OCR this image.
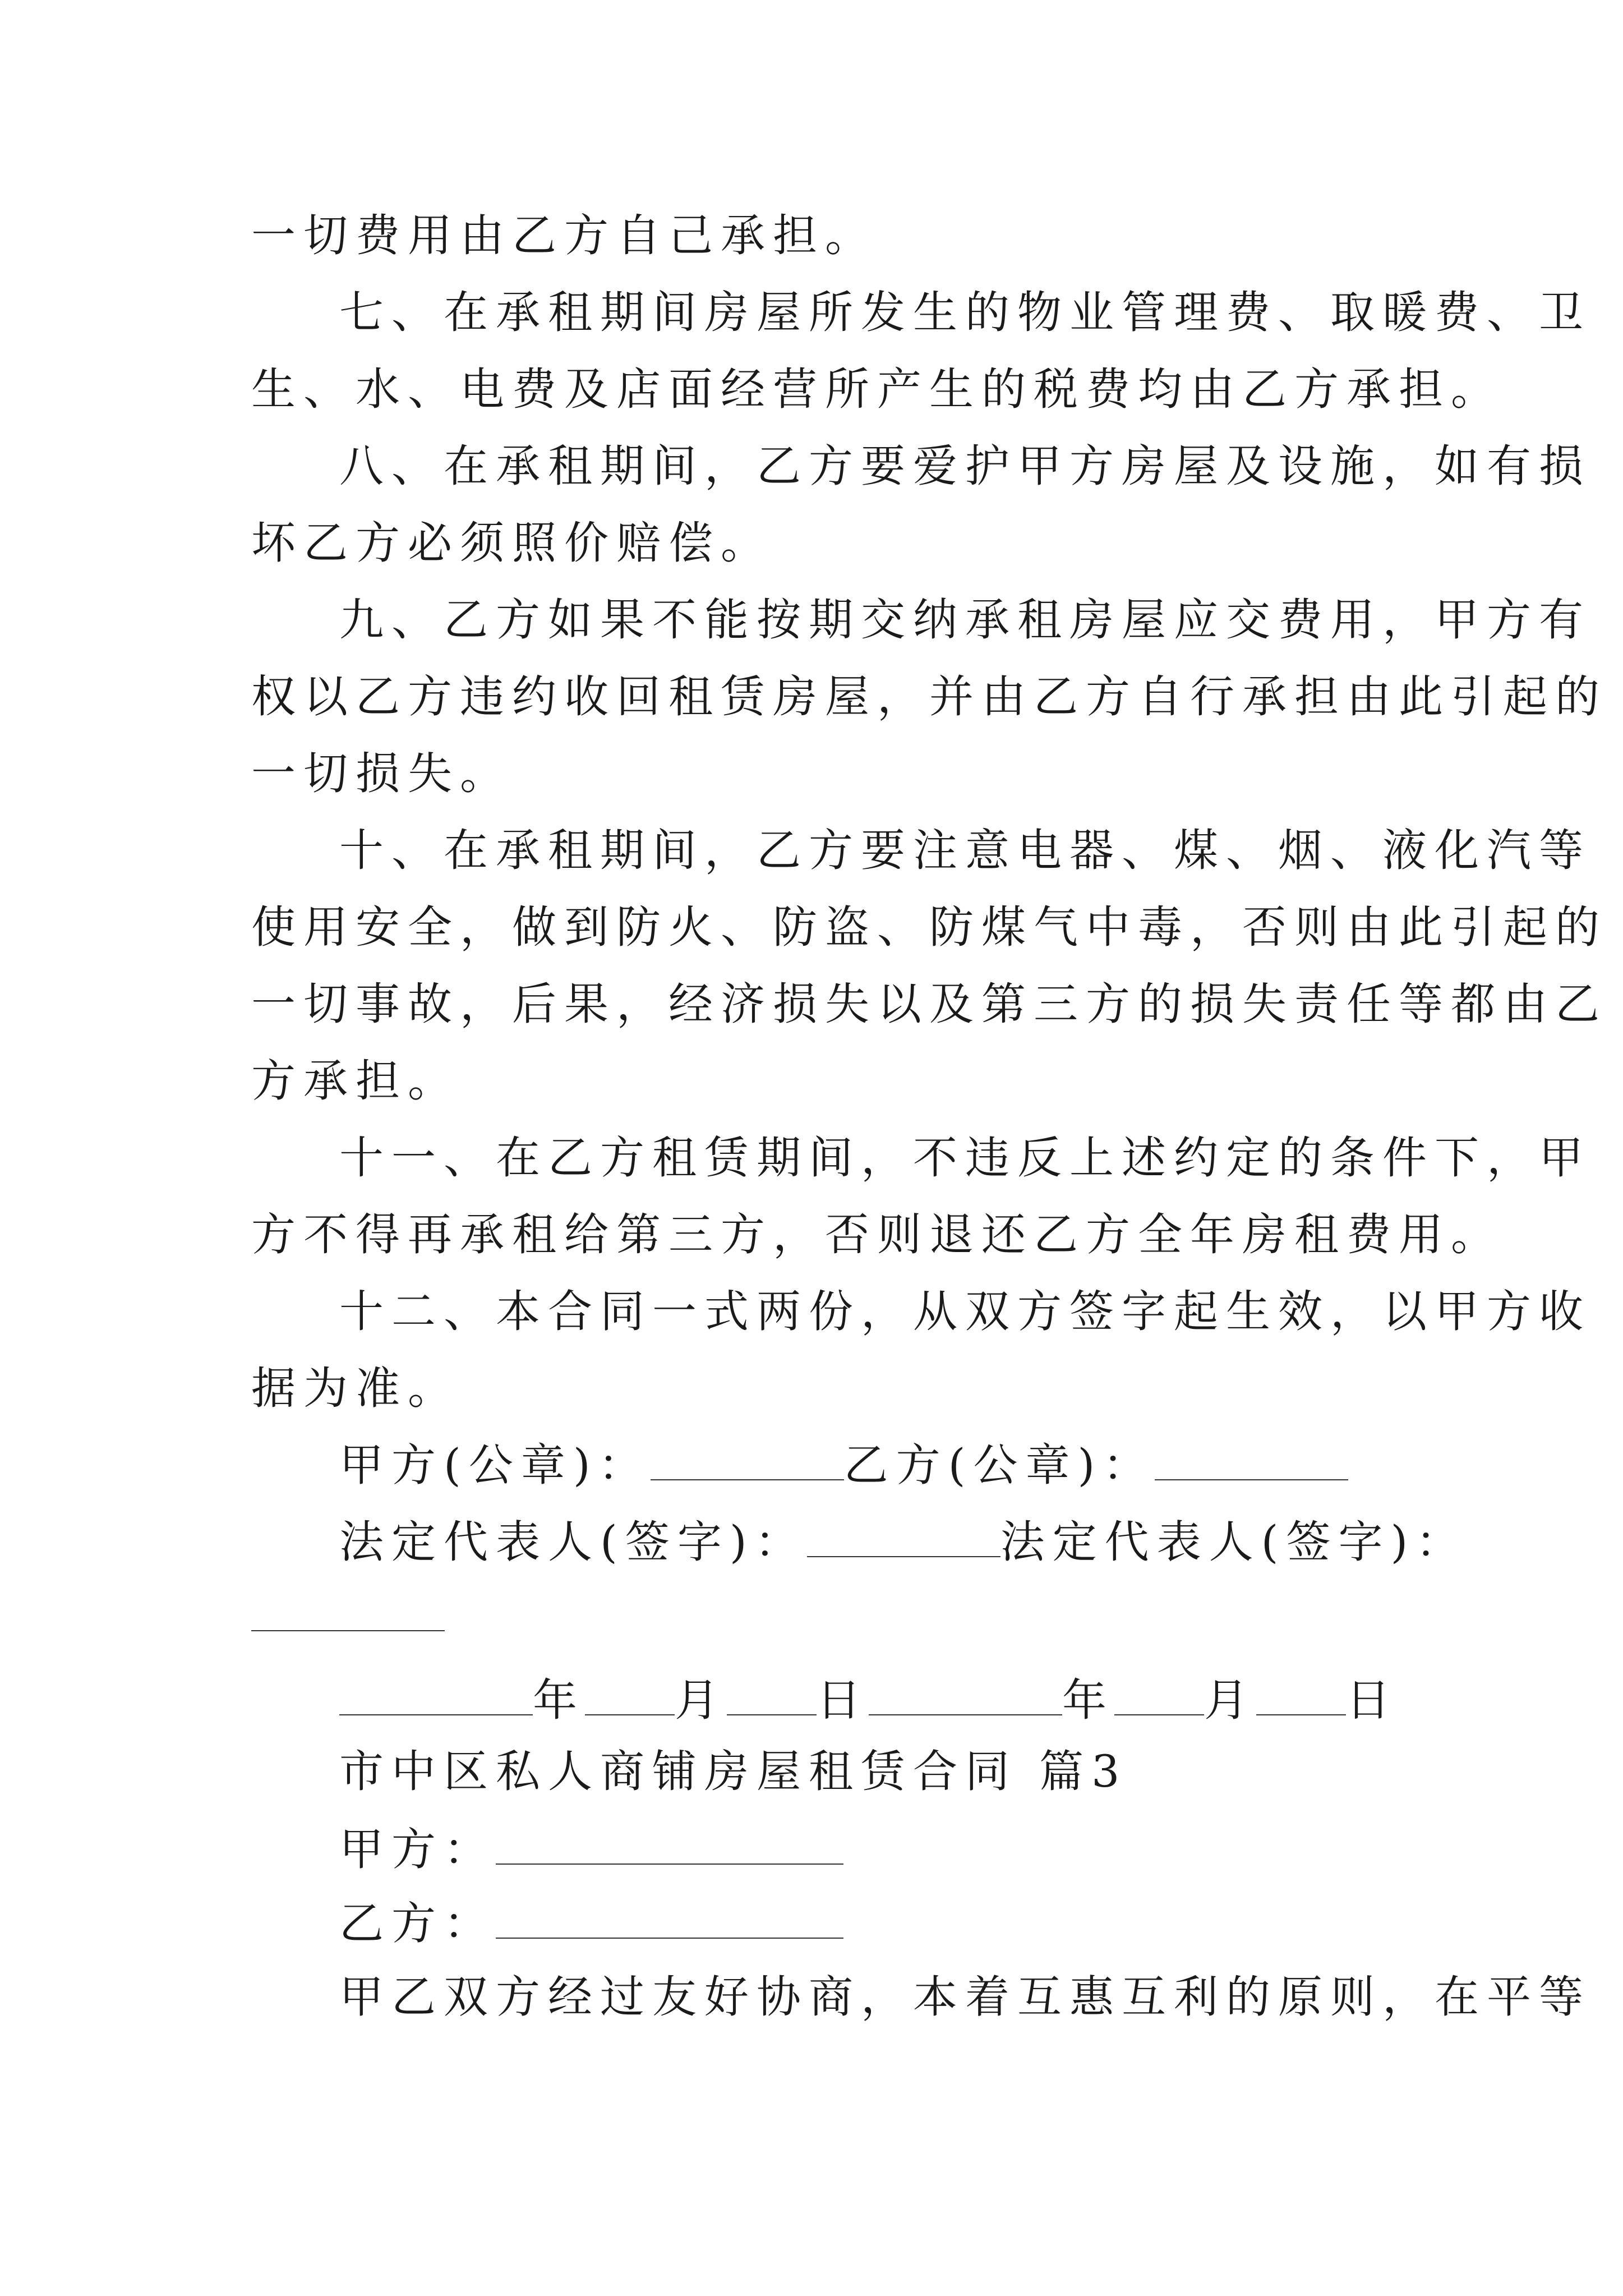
一切费用由乙方自己承担。
七、在承租期间房屋所发生的物业管理费、取暖费、卫
生、水、电费及店面经营所产生的税费均由乙方承担。
八、在承租期间，乙方要爱护甲方房屋及设施，如有损
坏乙方必须照价赔偿。
九、乙方如果不能按期交纳承租房屋应交费用，甲方有
权以乙方违约收回租赁房屋，并由乙方自行承担由此引起的
一切损失。
十、在承租期间，乙方要注意电器、煤、烟、液化汽等
使用安全，做到防火、防盗、防煤气中毒，否则由此引起的
一切事故，后果，经济损失以及第三方的损失责任等都由乙
方承担。
十一、在乙方租赁期间，不违反上述约定的条件下，甲
方不得再承租给第三方，否则退还乙方全年房租费用。
十二、本合同一式两份，从双方签字起生效，以甲方收
据为准。
甲方(公章)：	乙方(公章)：
法定代表人(签字)：	法定代表人(签字)：
年 月 日	年 月 日
市中区私人商铺房屋租赁合同 篇3
甲方：
乙方：
甲乙双方经过友好协商，本着互惠互利的原则，在平等
